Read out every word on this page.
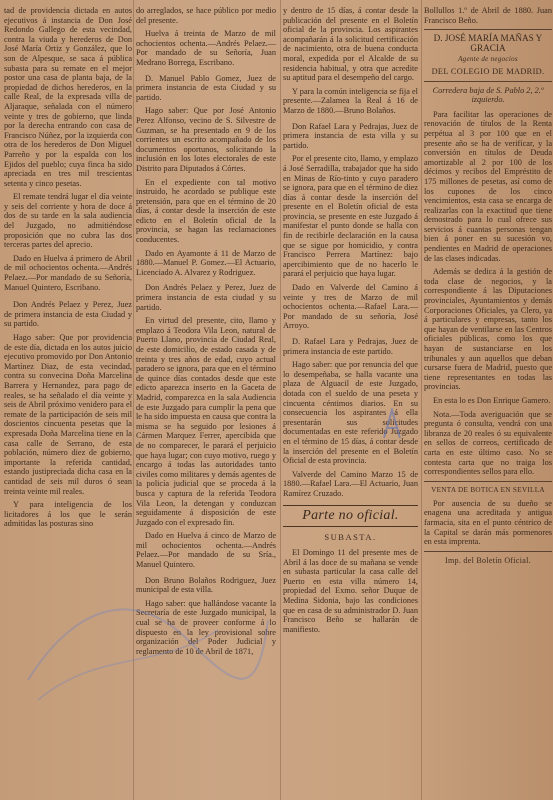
tad de providencia dictada en autos ejecutivos á instancia de Don José Redondo Gallego de esta vecindad, contra la viuda y herederos de Don José María Ortiz y González, que lo son de Alpesque, se saca á pública subasta para su remate en el mejor postor una casa de planta baja, de la propiedad de dichos herederos, en la calle Real, de la expresada villa de Aljaraque, señalada con el número veinte y tres de gobierno, que linda por la derecha entrando con casa de Francisco Núñez, por la izquierda con otra de los herederos de Don Miguel Parreño y por la espalda con los Ejidos del pueblo; cuya finca ha sido apreciada en tres mil trescientas setenta y cinco pesetas.

El remate tendrá lugar el día veinte y seis del corriente y hora de doce á dos de su tarde en la sala audiencia del Juzgado, no admitiéndose proposición que no cubra las dos terceras partes del aprecio.

Dado en Huelva á primero de Abril de mil ochocientos ochenta.—Andrés Pelaez.—Por mandado de su Señoría, Manuel Quintero, Escribano.

Don Andrés Pelaez y Perez, Juez de primera instancia de esta Ciudad y su partido.

Hago saber: Que por providencia de este día, dictada en los autos juicio ejecutivo promovido por Don Antonio Martínez Diaz, de esta vecindad, contra su convecina Doña Marcelina Barrera y Hernandez, para pago de reales, se ha señalado el día veinte y seis de Abril próximo venidero para el remate de la participación de seis mil doscientos cincuenta pesetas que la expresada Doña Marcelina tiene en la casa calle de Serrano, de esta población, número diez de gobierno, importante la referida cantidad, estando justipreciada dicha casa en la cantidad de seis mil duros ó sean treinta veinte mil reales.

Y para inteligencia de los licitadores á los que le serán admitidas las posturas sino

do arreglados, se hace público por medio del presente.

Huelva á treinta de Marzo de mil ochocientos ochenta.—Andrés Pelaez.—Por mandado de su Señoría, Juan Medrano Borrega, Escribano.

D. Manuel Pablo Gomez, Juez de primera instancia de esta Ciudad y su partido.

Hago saber: Que por José Antonio Perez Alfonso, vecino de S. Silvestre de Guzman, se ha presentado en 9 de los corrientes un escrito acompañado de los documentos oportunos, solicitando la inclusión en los lotes electorales de este Distrito para Diputados á Córtes.

En el expediente con tal motivo instruido, he acordado se publique este pretensión, para que en el término de 20 días, á contar desde la inserción de este edicto en el Boletín oficial de la provincia, se hagan las reclamaciones conducentes.

Dado en Ayamonte á 11 de Marzo de 1880.—Manuel P. Gomez.—El Actuario, Licenciado A. Alvarez y Rodriguez.

Don Andrés Pelaez y Perez, Juez de primera instancia de esta ciudad y su partido.

En virtud del presente, cito, llamo y emplazo á Teodora Vila Leon, natural de Puerto Llano, provincia de Ciudad Real, de este domicilio, de estado casada y de treinta y tres años de edad, cuyo actual paradero se ignora, para que en el término de quince días contados desde que este edicto aparezca inserto en la Gaceta de Madrid, comparezca en la sala Audiencia de este Juzgado para cumplir la pena que le ha sido impuesta en causa que contra la misma se ha seguido por lesiones á Cármen Marquez Ferrer, apercibida que de no comparecer, le parará el perjuicio que haya lugar; con cuyo motivo, ruego y encargo á todas las autoridades tanto civiles como militares y demás agentes de la policía judicial que se proceda á la busca y captura de la referida Teodora Vila Leon, la detengan y conduzcan seguidamente á disposición de este Juzgado con el expresado fin.

Dado en Huelva á cinco de Marzo de mil ochocientos ochenta.—Andrés Pelaez.—Por mandado de su Sría., Manuel Quintero.

Don Bruno Bolaños Rodriguez, Juez municipal de esta villa.

Hago saber: que hallándose vacante la Secretaría de este Juzgado municipal, la cual se ha de proveer conforme á lo dispuesto en la ley provisional sobre organización del Poder Judicial y reglamento de 10 de Abril de 1871,

y dentro de 15 días, á contar desde la publicación del presente en el Boletín oficial de la provincia. Los aspirantes acompañarán á la solicitud certificación de nacimiento, otra de buena conducta moral, expedida por el Alcalde de su residencia habitual, y otra que acredite su aptitud para el desempeño del cargo.

Y para la común inteligencia se fija el presente.—Zalamea la Real á 16 de Marzo de 1880.—Bruno Bolaños.

Don Rafael Lara y Pedrajas, Juez de primera instancia de esta villa y su partido.

Por el presente cito, llamo, y emplazo á José Serradilla, trabajador que ha sido en Minas de Río-tinto y cuyo paradero se ignora, para que en el término de diez días á contar desde la inserción del presente en el Boletín oficial de esta provincia, se presente en este Juzgado á manifestar el punto donde se halla con fin de recibirle declaración en la causa que se sigue por homicidio, y contra Francisco Perrera Martínez: bajo apercibimiento que de no hacerlo le parará el perjuicio que haya lugar.

Dado en Valverde del Camino á veinte y tres de Marzo de mil ochocientos ochenta.—Rafael Lara.—Por mandado de su señoría, José Arroyo.

D. Rafael Lara y Pedrajas, Juez de primera instancia de este partido.

Hago saber: que por renuncia del que lo desempeñaba, se halla vacante una plaza de Alguacil de este Juzgado, dotada con el sueldo de una peseta y cincuenta céntimos diarios. En su consecuencia los aspirantes á ella presentarán sus solicitudes documentadas en este referido Juzgado en el término de 15 días, á contar desde la inserción del presente en el Boletín Oficial de esta provincia.

Valverde del Camino Marzo 15 de 1880.—Rafael Lara.—El Actuario, Juan Ramírez Cruzado.

Parte no oficial.
SUBASTA.

El Domingo 11 del presente mes de Abril á las doce de su mañana se vende en subasta particular la casa calle del Puerto en esta villa número 14, propiedad del Exmo. señor Duque de Medina Sidonia, bajo las condiciones que en casa de su administrador D. Juan Francisco Beño se hallarán de manifiesto.

Bollullos 1.º de Abril de 1880. Juan Francisco Beño.

D. JOSÉ MARÍA MAÑAS Y GRACIA
Agente de negocios
DEL COLEGIO DE MADRID.
Corredera baja de S. Pablo 2, 2.º izquierdo.

Para facilitar las operaciones de renovación de títulos de la Renta perpétua al 3 por 100 que en el presente año se ha de verificar, y la conversión en títulos de Deuda amortizable al 2 por 100 de los décimos y recibos del Empréstito de 175 millones de pesetas, así como de los cupones de los cinco vencimientos, esta casa se encarga de realizarlas con la exactitud que tiene demostrado para lo cual ofrece sus servicios á cuantas personas tengan bien á poner en su sucesión vo, pendientes en Madrid de operaciones de las clases indicadas.

Además se dedica á la gestión de toda clase de negocios, y la correspondiente á las Diputaciones provinciales, Ayuntamientos y demás Corporaciones Oficiales, ya Clero, ya á particulares y empresas, tanto los que hayan de ventilarse en las Centros oficiales públicas, como los que hayan de sustanciarse en los tribunales y aun aquellos que deban cursarse fuera de Madrid, puesto que tiene representantes en todas las provincias.

En esta lo es Don Enrique Gamero.

Nota.—Toda averiguación que se pregunta ó consulta, vendrá con una libranza de 20 reales ó su equivalente en sellos de correos, certificado de carta en este último caso. No se contesta carta que no traiga los correspondientes sellos para ello.

VENTA DE BOTICA EN SEVILLA

Por ausencia de su dueño se enagena una acreditada y antigua farmacia, sita en el punto céntrico de la Capital se darán más pormenores en esta imprenta.

Imp. del Boletín Oficial.
